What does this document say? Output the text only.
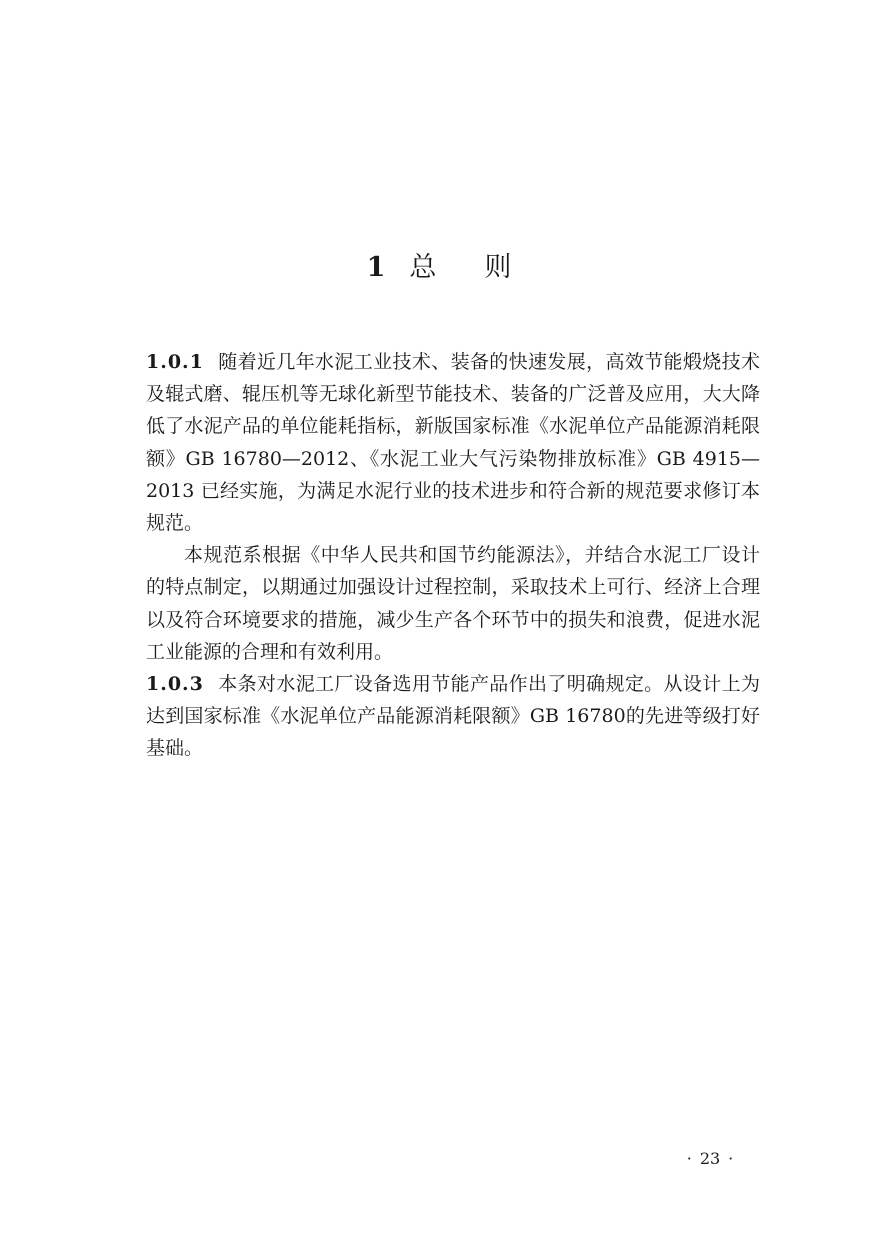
1 总 则

1.0.1 随着近几年水泥工业技术、装备的快速发展，高效节能煅烧技术及辊式磨、辊压机等无球化新型节能技术、装备的广泛普及应用，大大降低了水泥产品的单位能耗指标，新版国家标准《水泥单位产品能源消耗限额》GB 16780—2012、《水泥工业大气污染物排放标准》GB 4915—2013 已经实施，为满足水泥行业的技术进步和符合新的规范要求修订本规范。

本规范系根据《中华人民共和国节约能源法》，并结合水泥工厂设计的特点制定，以期通过加强设计过程控制，采取技术上可行、经济上合理以及符合环境要求的措施，减少生产各个环节中的损失和浪费，促进水泥工业能源的合理和有效利用。

1.0.3 本条对水泥工厂设备选用节能产品作出了明确规定。从设计上为达到国家标准《水泥单位产品能源消耗限额》GB 16780的先进等级打好基础。

· 23 ·
